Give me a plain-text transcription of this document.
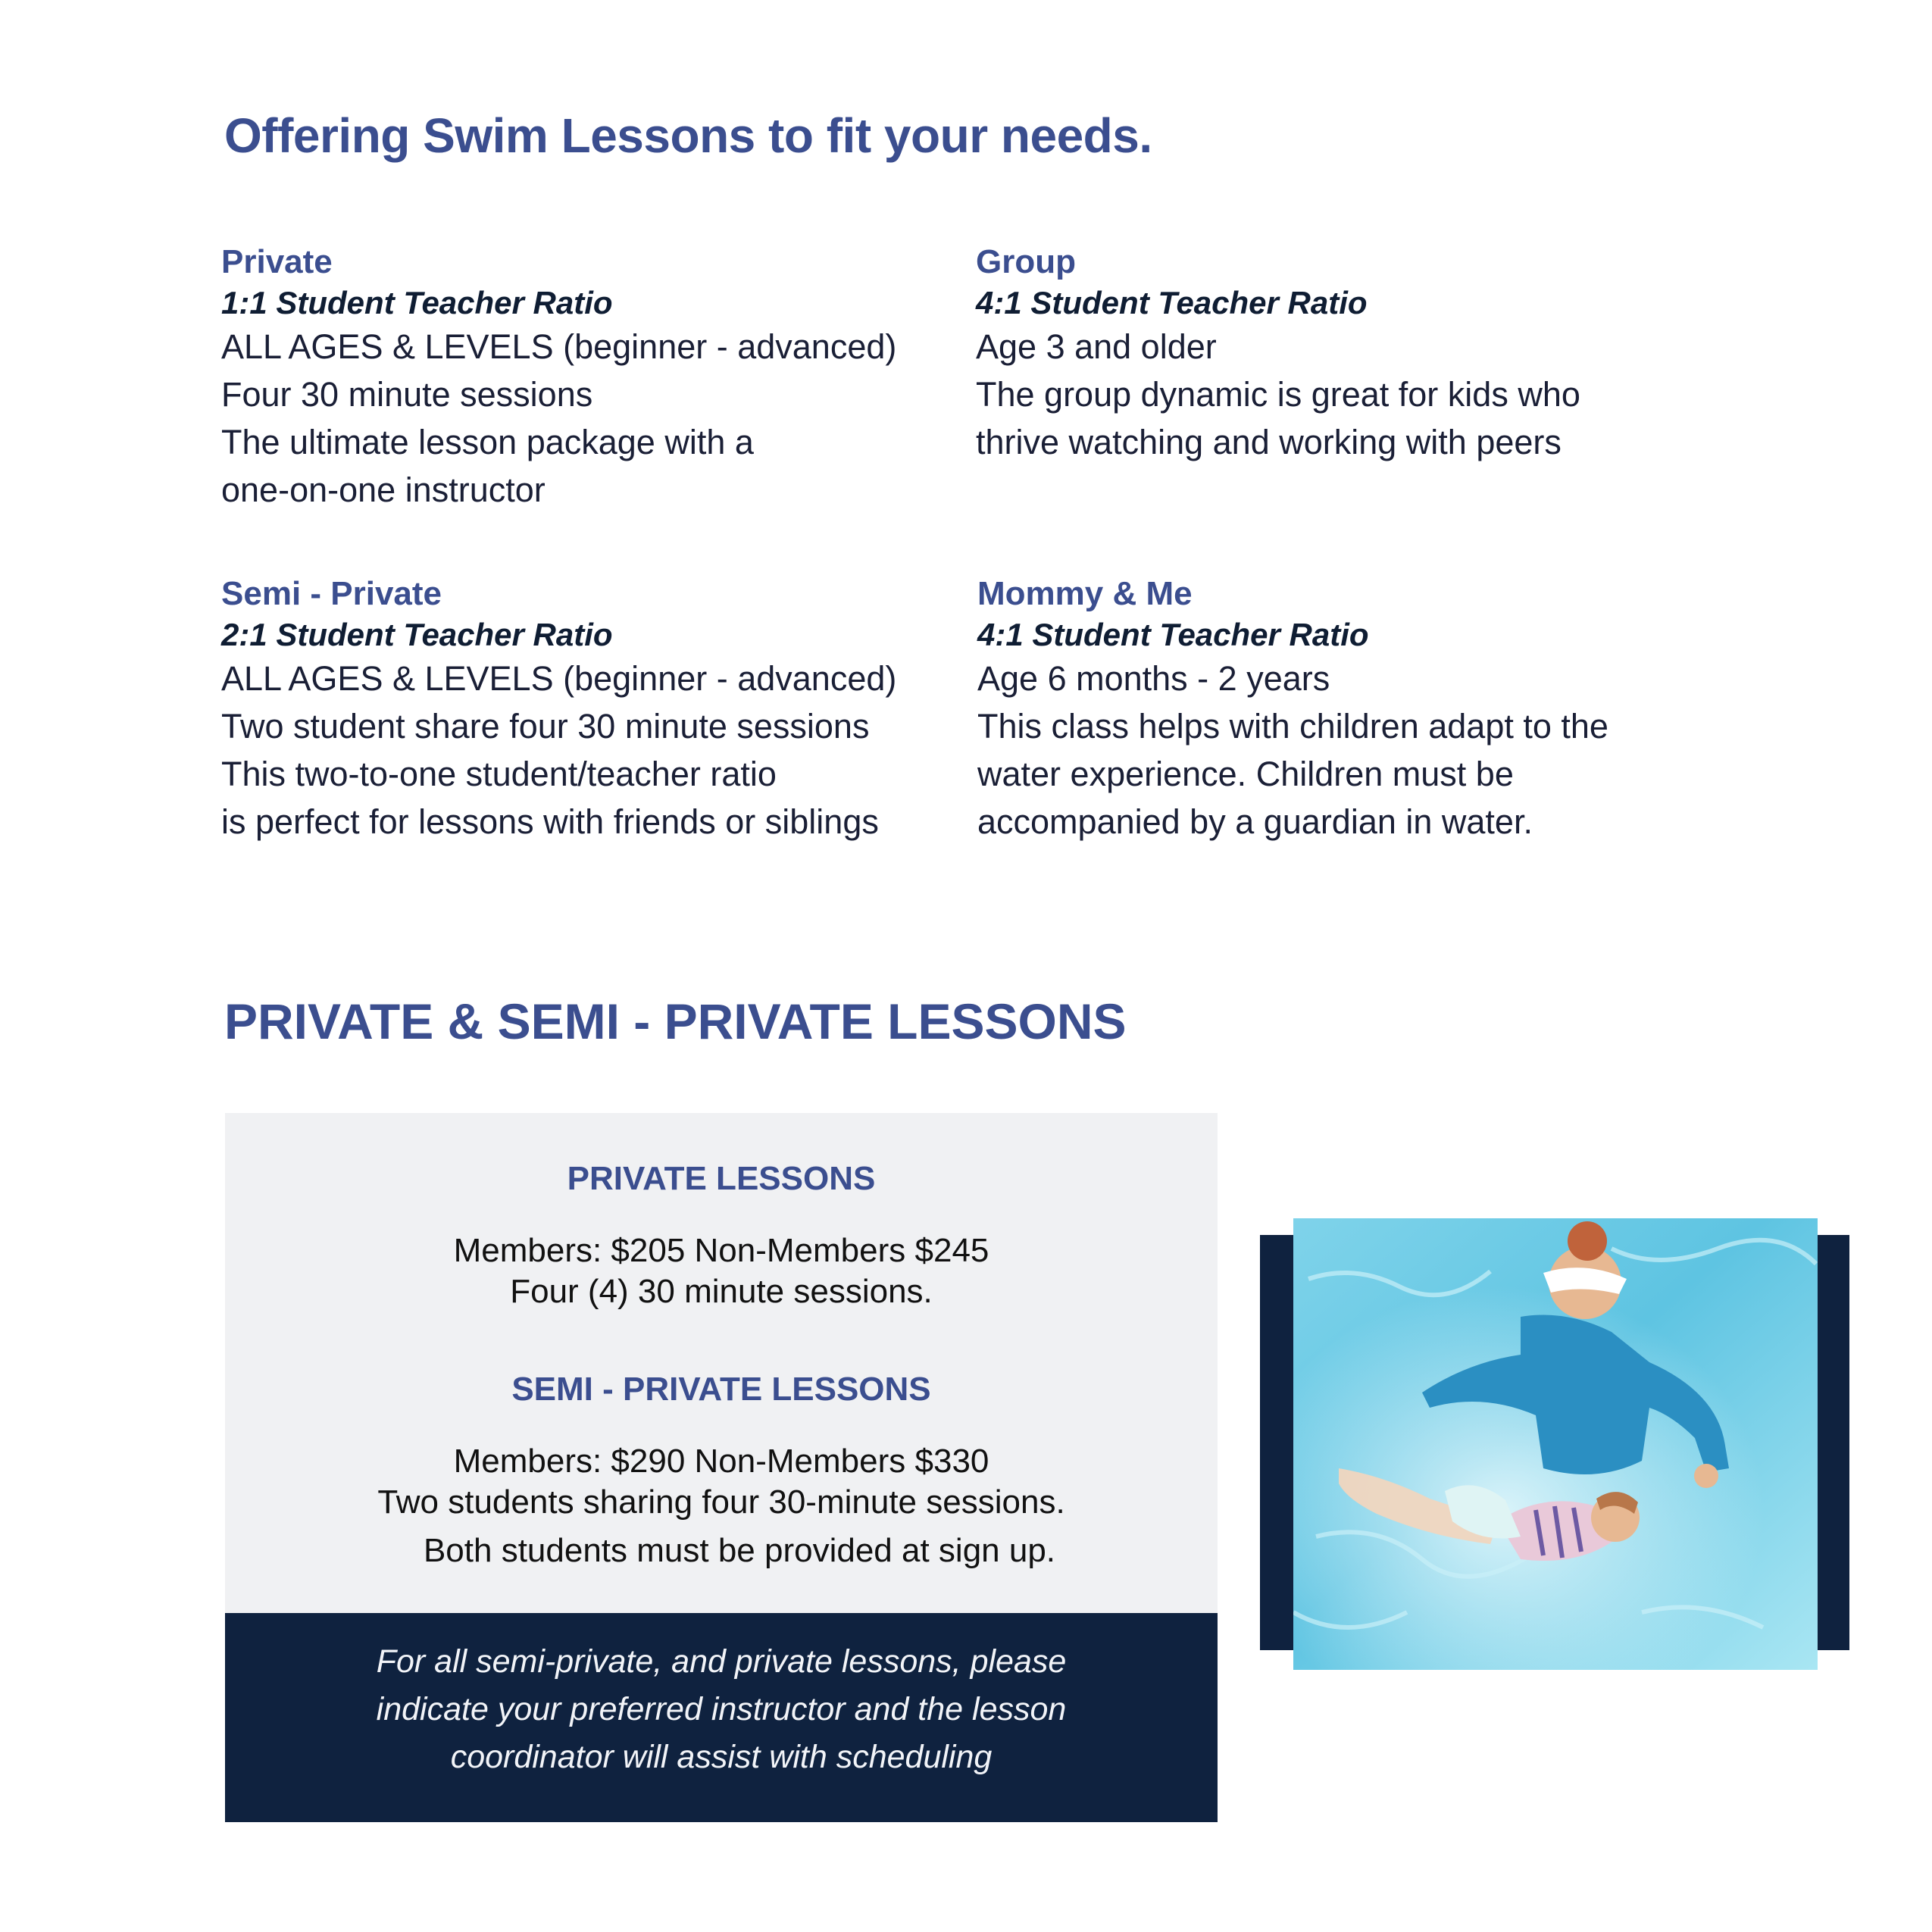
Offering Swim Lessons to fit your needs.
Private
1:1 Student Teacher Ratio
ALL AGES & LEVELS (beginner - advanced)
Four 30 minute sessions
The ultimate lesson package with a
one-on-one instructor
Group
4:1 Student Teacher Ratio
Age 3 and older
The group dynamic is great for kids who
thrive watching and working with peers
Semi - Private
2:1 Student Teacher Ratio
ALL AGES & LEVELS (beginner - advanced)
Two student share four 30 minute sessions
This two-to-one student/teacher ratio
is perfect for lessons with friends or siblings
Mommy & Me
4:1 Student Teacher Ratio
Age 6 months - 2 years
This class helps with children adapt to the
water experience. Children must be
accompanied by a guardian in water.
PRIVATE & SEMI - PRIVATE LESSONS
PRIVATE LESSONS
Members: $205 Non-Members $245
Four (4) 30 minute sessions.
SEMI - PRIVATE LESSONS
Members: $290 Non-Members $330
Two students sharing four 30-minute sessions.
Both students must be provided at sign up.
For all semi-private, and private lessons, please
indicate your preferred instructor and the lesson
coordinator will assist with scheduling
